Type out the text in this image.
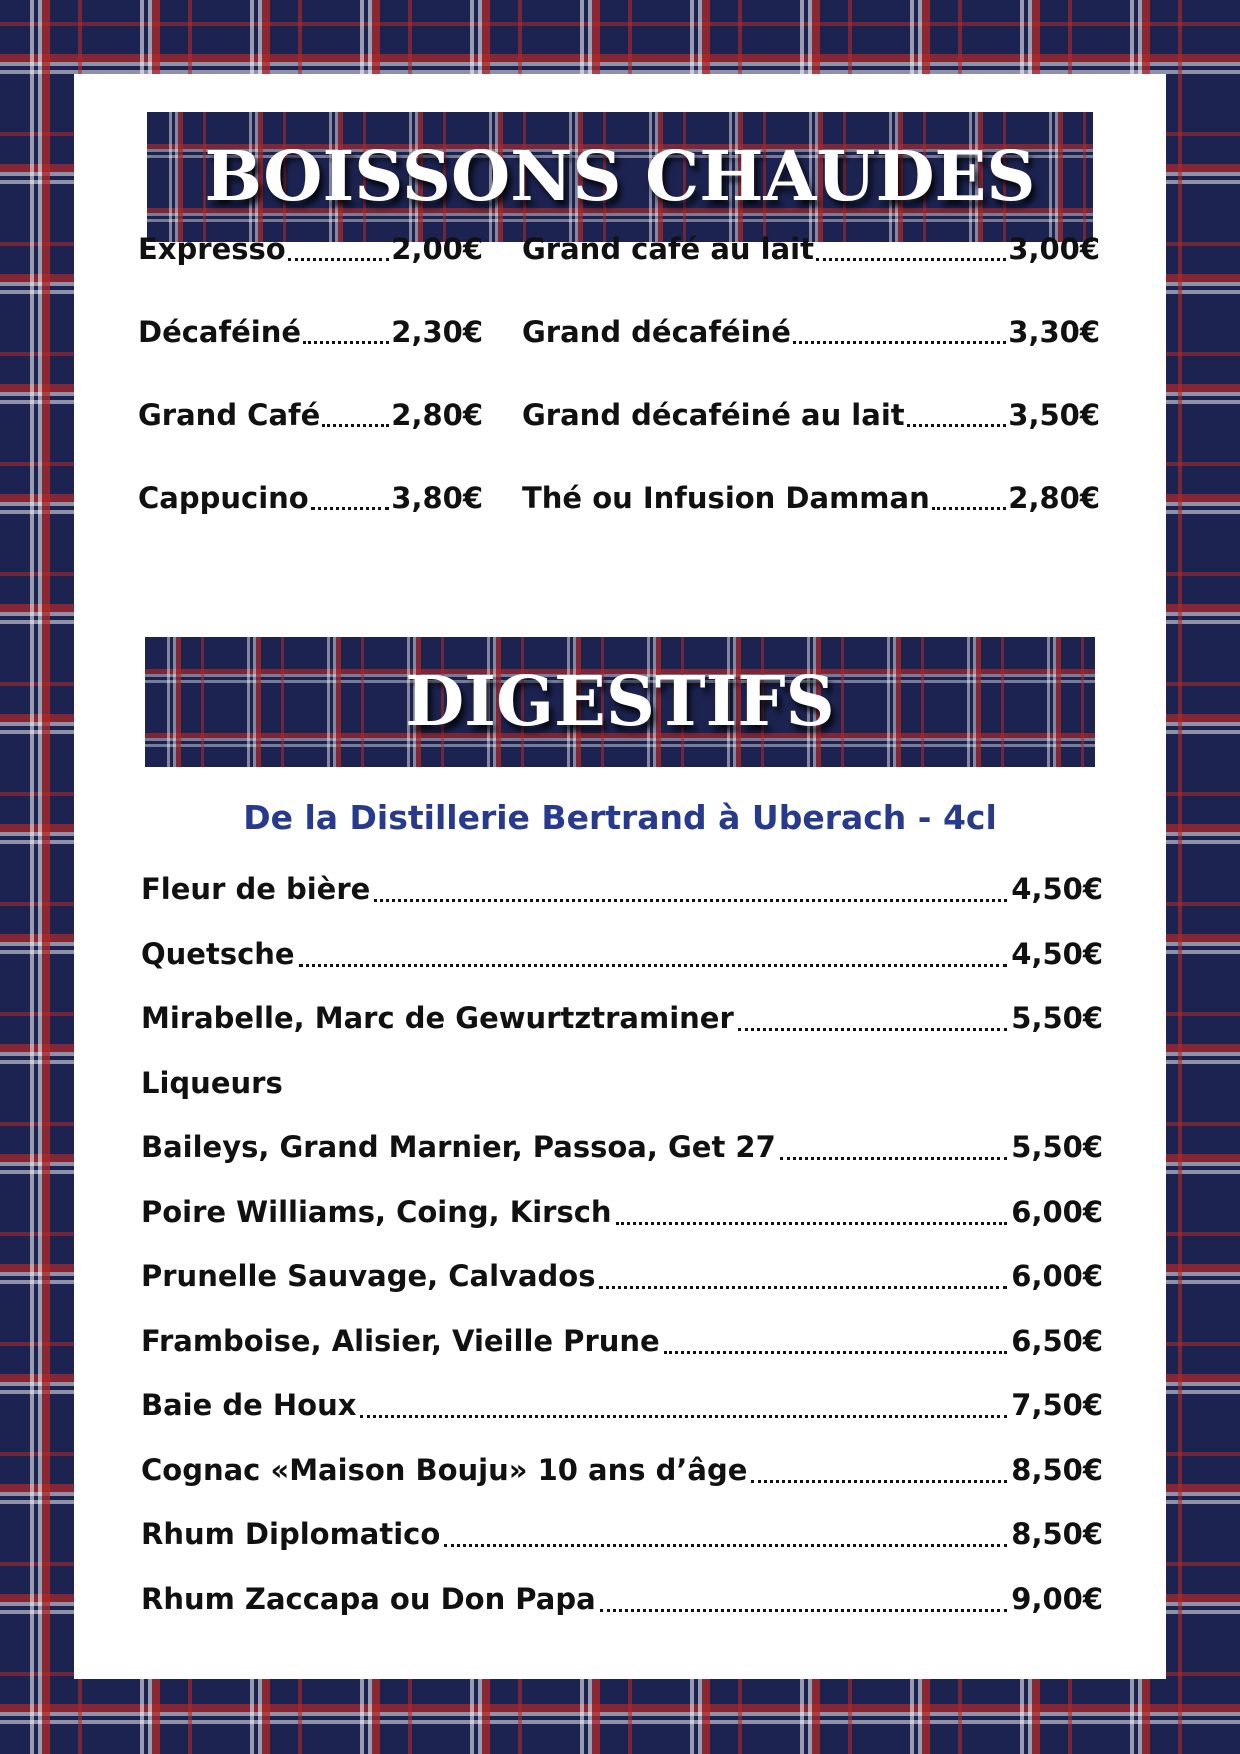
BOISSONS CHAUDES
Expresso	2,00€
Décaféiné	2,30€
Grand Café 2,80€
Cappucino	3,80€
Grand café au lait	3,00€
Grand décaféiné	3,30€
Grand décaféiné au lait	3,50€
Thé ou Infusion Damman	2,80€
DIGESTIFS
De la Distillerie Bertrand à Uberach - 4cl
Fleur de bière	4,50€
Quetsche	4,50€
Mirabelle, Marc de Gewurtztraminer	5,50€
Liqueurs
Baileys, Grand Marnier, Passoa, Get 27	5,50€
Poire Williams, Coing, Kirsch	6,00€
Prunelle Sauvage, Calvados	6,00€
Framboise, Alisier, Vieille Prune	6,50€
Baie de Houx	7,50€
Cognac «Maison Bouju» 10 ans d’âge	8,50€
Rhum Diplomatico	8,50€
Rhum Zaccapa ou Don Papa	9,00€
